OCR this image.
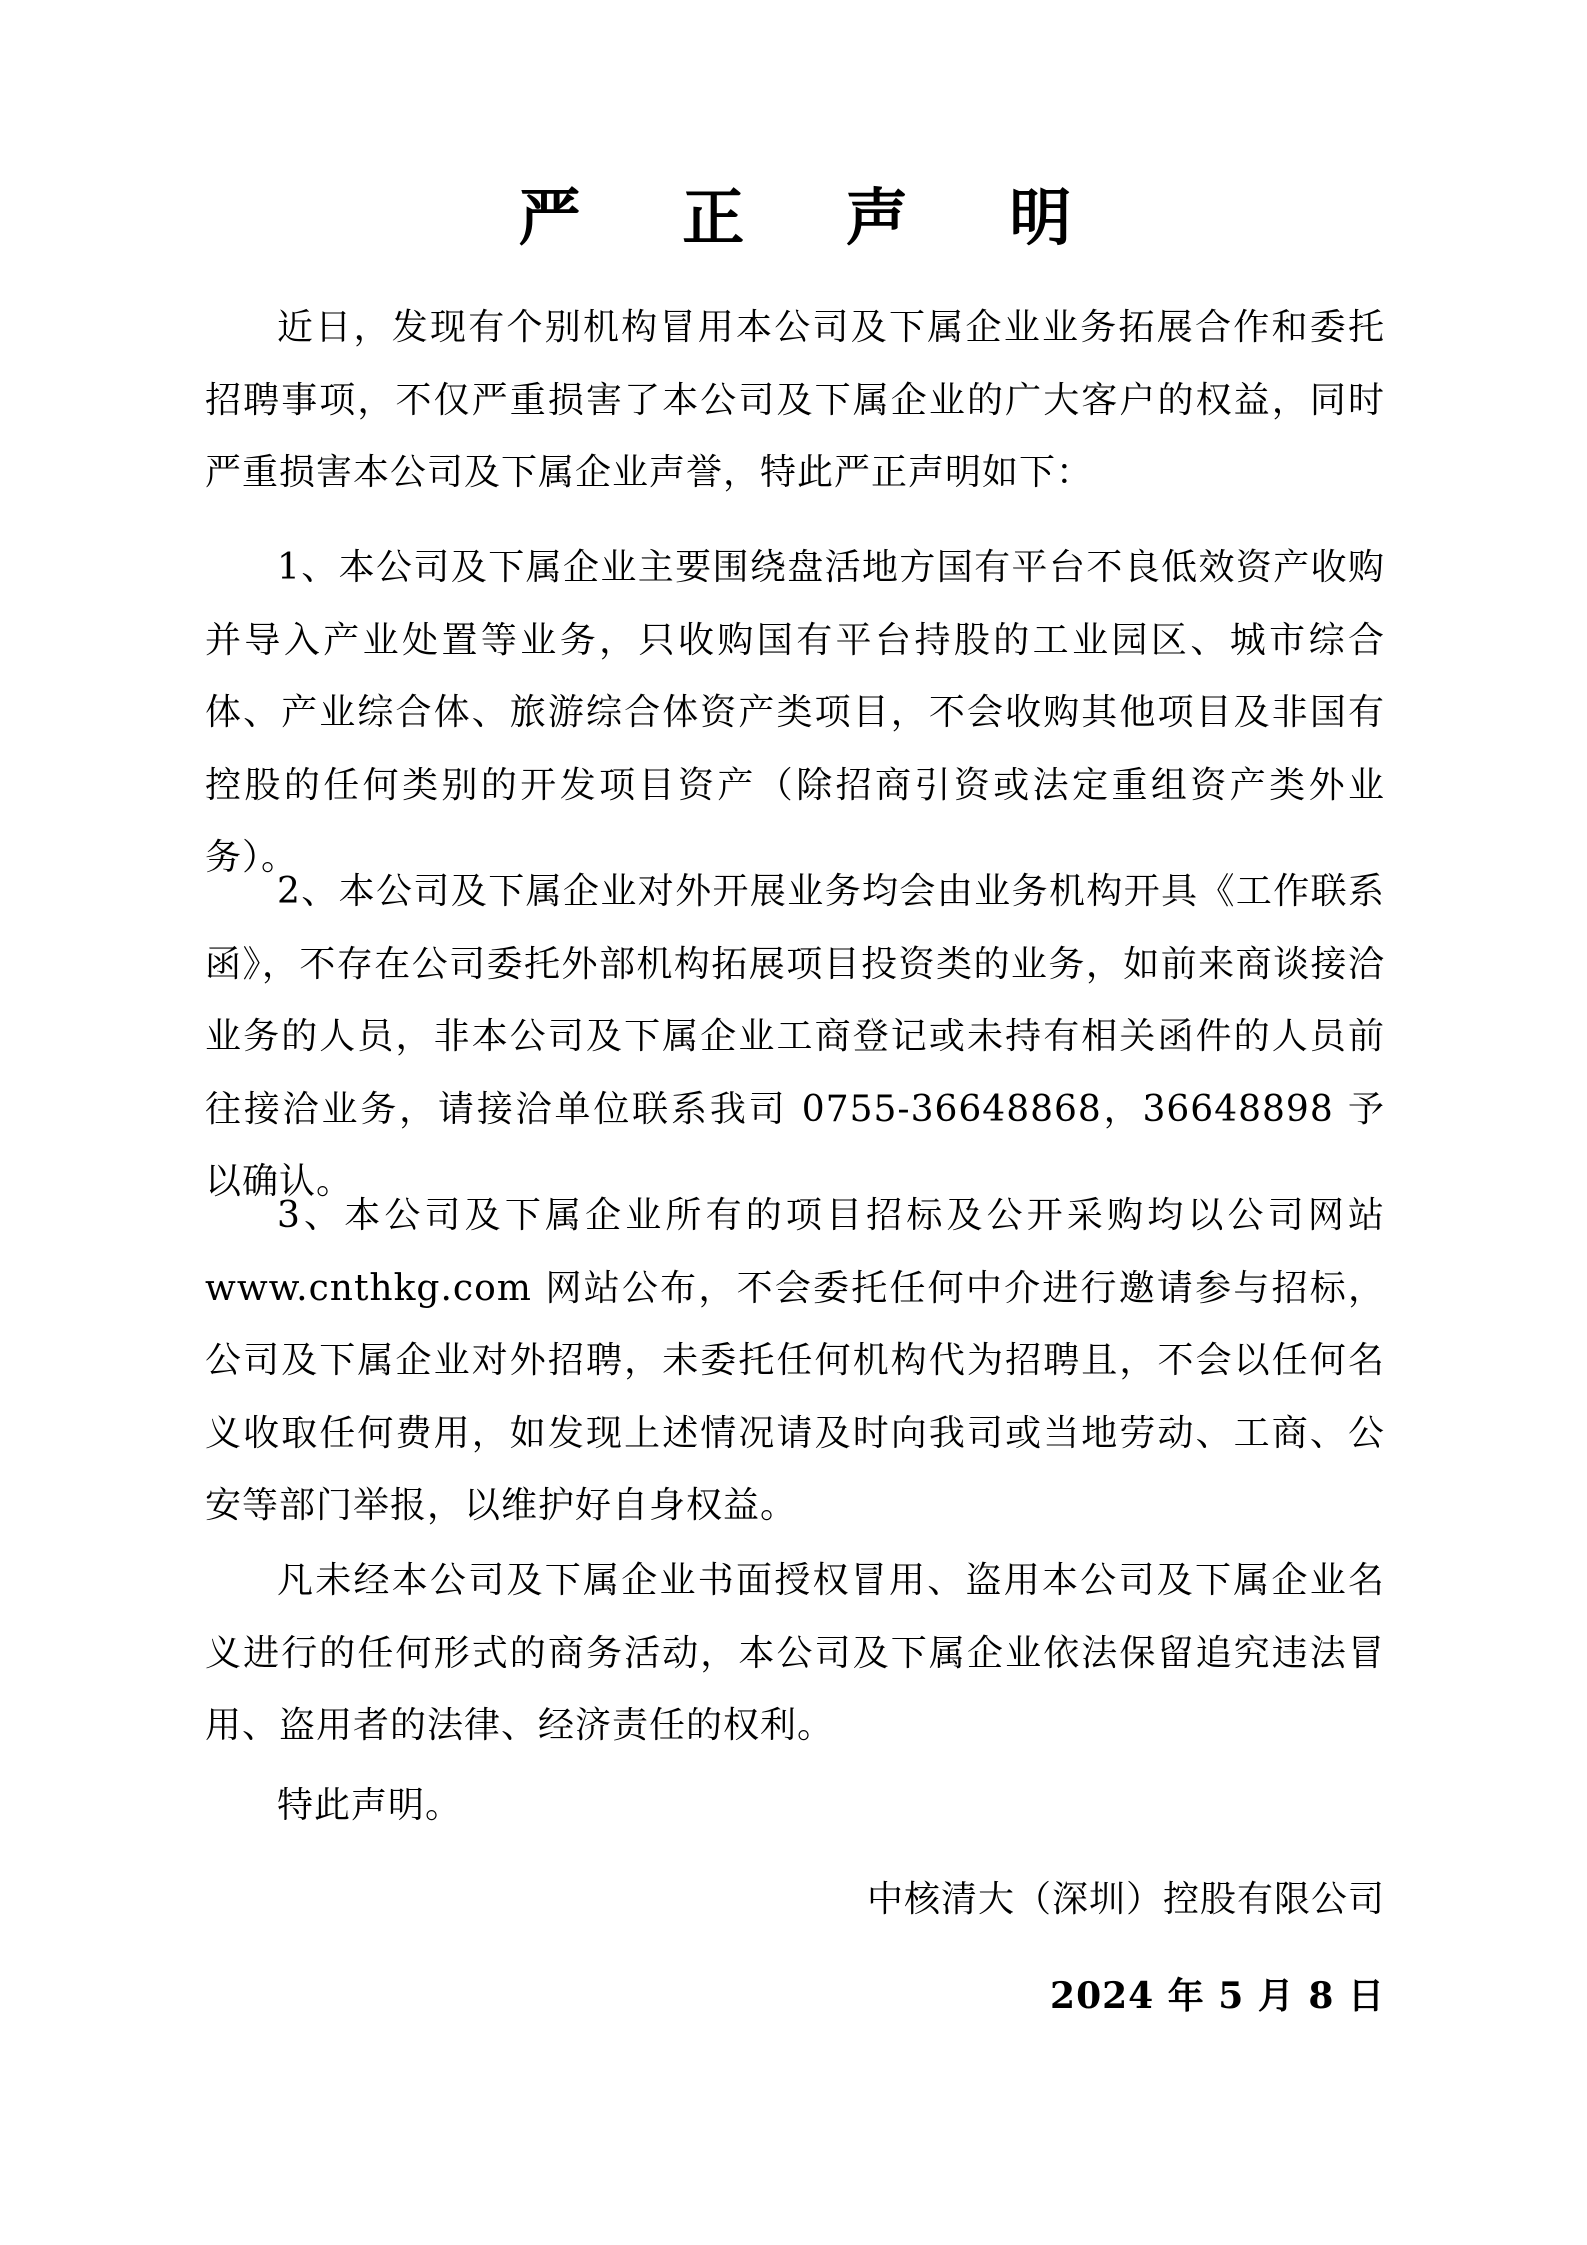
严 正 声 明
近日，发现有个别机构冒用本公司及下属企业业务拓展合作和委托招聘事项，不仅严重损害了本公司及下属企业的广大客户的权益，同时严重损害本公司及下属企业声誉，特此严正声明如下：
1、本公司及下属企业主要围绕盘活地方国有平台不良低效资产收购并导入产业处置等业务，只收购国有平台持股的工业园区、城市综合体、产业综合体、旅游综合体资产类项目，不会收购其他项目及非国有控股的任何类别的开发项目资产（除招商引资或法定重组资产类外业务）。
2、本公司及下属企业对外开展业务均会由业务机构开具《工作联系函》，不存在公司委托外部机构拓展项目投资类的业务，如前来商谈接洽业务的人员，非本公司及下属企业工商登记或未持有相关函件的人员前往接洽业务，请接洽单位联系我司 0755-36648868，36648898 予以确认。
3、本公司及下属企业所有的项目招标及公开采购均以公司网站 www.cnthkg.com 网站公布，不会委托任何中介进行邀请参与招标，公司及下属企业对外招聘，未委托任何机构代为招聘且，不会以任何名义收取任何费用，如发现上述情况请及时向我司或当地劳动、工商、公安等部门举报，以维护好自身权益。
凡未经本公司及下属企业书面授权冒用、盗用本公司及下属企业名义进行的任何形式的商务活动，本公司及下属企业依法保留追究违法冒用、盗用者的法律、经济责任的权利。
特此声明。
中核清大（深圳）控股有限公司
2024 年 5 月 8 日
